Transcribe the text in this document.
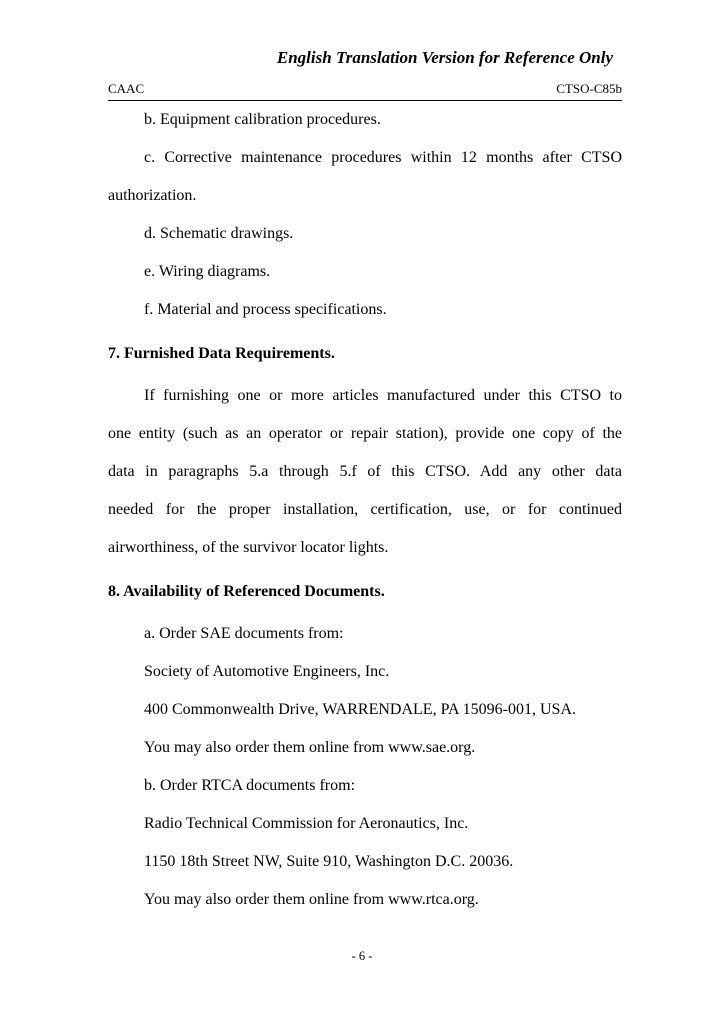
English Translation Version for Reference Only
CAAC	CTSO-C85b
b. Equipment calibration procedures.
c. Corrective maintenance procedures within 12 months after CTSO
authorization.
d. Schematic drawings.
e. Wiring diagrams.
f. Material and process specifications.
7. Furnished Data Requirements.
If furnishing one or more articles manufactured under this CTSO to
one entity (such as an operator or repair station), provide one copy of the
data in paragraphs 5.a through 5.f of this CTSO. Add any other data
needed for the proper installation, certification, use, or for continued
airworthiness, of the survivor locator lights.
8. Availability of Referenced Documents.
a. Order SAE documents from:
Society of Automotive Engineers, Inc.
400 Commonwealth Drive, WARRENDALE, PA 15096-001, USA.
You may also order them online from www.sae.org.
b. Order RTCA documents from:
Radio Technical Commission for Aeronautics, Inc.
1150 18th Street NW, Suite 910, Washington D.C. 20036.
You may also order them online from www.rtca.org.
- 6 -
